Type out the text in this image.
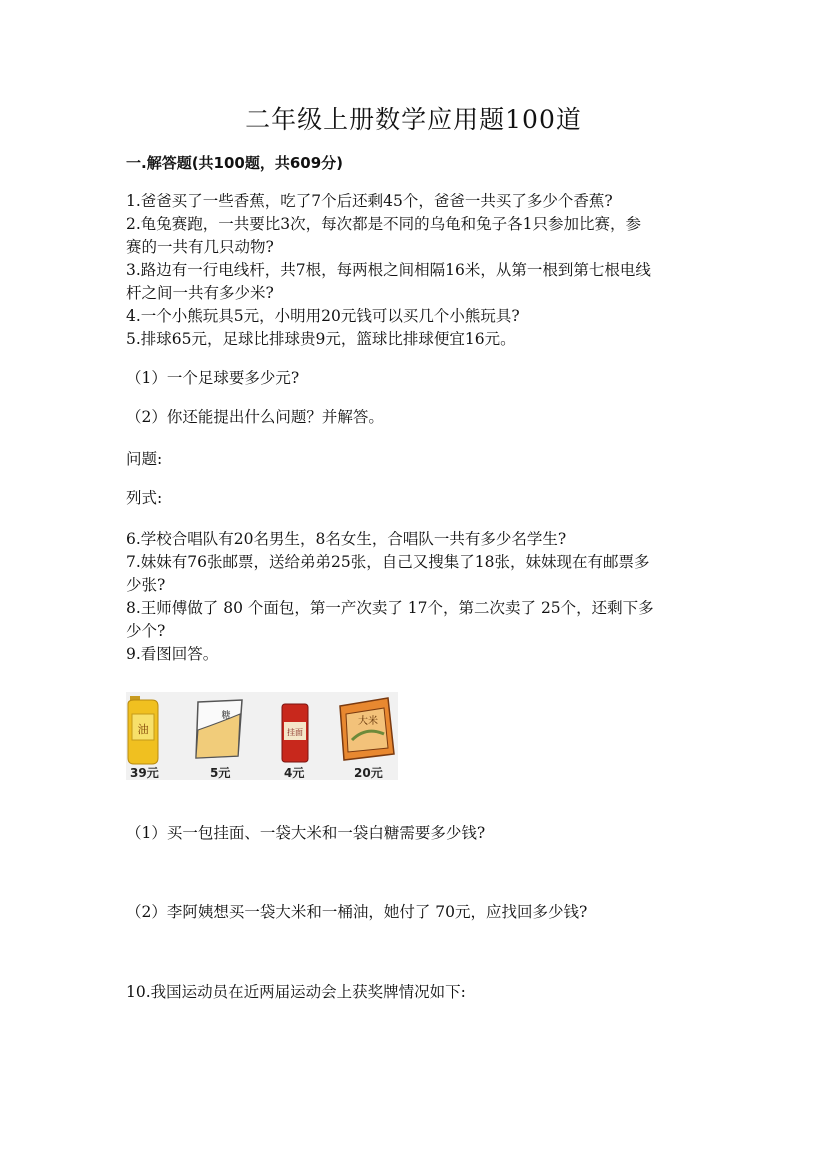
二年级上册数学应用题100道
一.解答题(共100题，共609分)
1.爸爸买了一些香蕉，吃了7个后还剩45个，爸爸一共买了多少个香蕉?
2.龟兔赛跑，一共要比3次，每次都是不同的乌龟和兔子各1只参加比赛，参
赛的一共有几只动物?
3.路边有一行电线杆，共7根，每两根之间相隔16米，从第一根到第七根电线
杆之间一共有多少米?
4.一个小熊玩具5元，小明用20元钱可以买几个小熊玩具?
5.排球65元，足球比排球贵9元，篮球比排球便宜16元。
（1）一个足球要多少元?
（2）你还能提出什么问题？并解答。
问题:
列式:
6.学校合唱队有20名男生，8名女生，合唱队一共有多少名学生?
7.妹妹有76张邮票，送给弟弟25张，自己又搜集了18张，妹妹现在有邮票多
少张?
8.王师傅做了 80 个面包，第一产次卖了 17个，第二次卖了 25个，还剩下多
少个?
9.看图回答。
油
糖
挂面
大米
39元	5元	4元	20元
（1）买一包挂面、一袋大米和一袋白糖需要多少钱?
（2）李阿姨想买一袋大米和一桶油，她付了 70元，应找回多少钱?
10.我国运动员在近两届运动会上获奖牌情况如下:
